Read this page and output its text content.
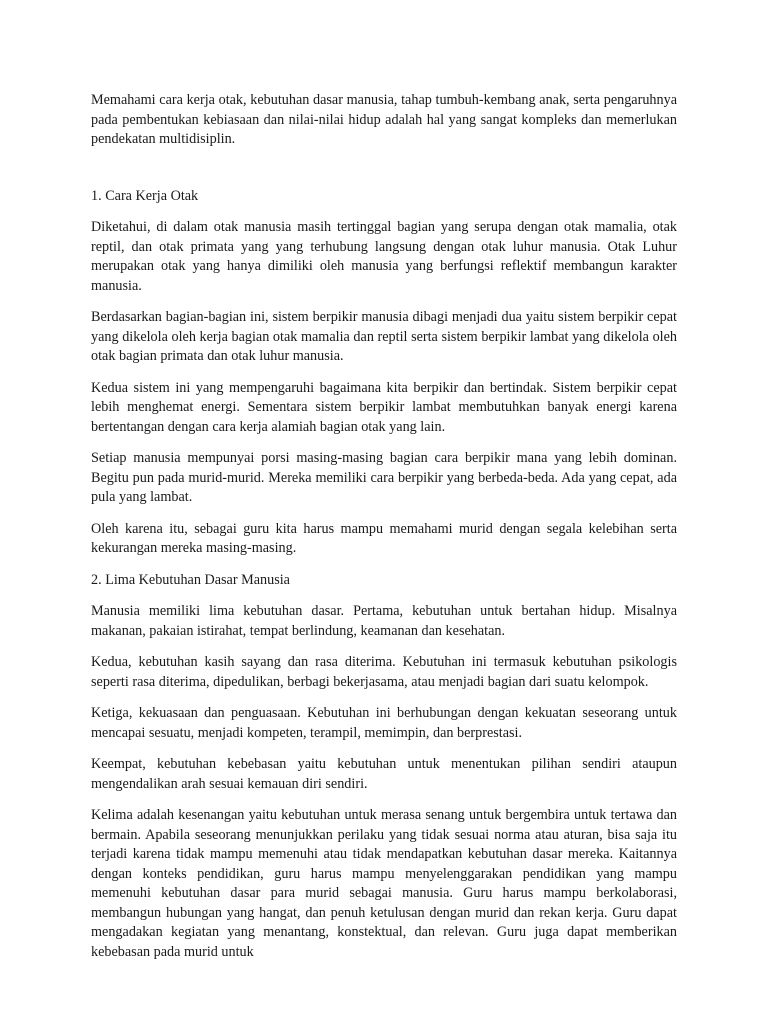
Memahami cara kerja otak, kebutuhan dasar manusia, tahap tumbuh-kembang anak, serta pengaruhnya pada pembentukan kebiasaan dan nilai-nilai hidup adalah hal yang sangat kompleks dan memerlukan pendekatan multidisiplin.

1. Cara Kerja Otak

Diketahui, di dalam otak manusia masih tertinggal bagian yang serupa dengan otak mamalia, otak reptil, dan otak primata yang yang terhubung langsung dengan otak luhur manusia. Otak Luhur merupakan otak yang hanya dimiliki oleh manusia yang berfungsi reflektif membangun karakter manusia.

Berdasarkan bagian-bagian ini, sistem berpikir manusia dibagi menjadi dua yaitu sistem berpikir cepat yang dikelola oleh kerja bagian otak mamalia dan reptil serta sistem berpikir lambat yang dikelola oleh otak bagian primata dan otak luhur manusia.

Kedua sistem ini yang mempengaruhi bagaimana kita berpikir dan bertindak. Sistem berpikir cepat lebih menghemat energi. Sementara sistem berpikir lambat membutuhkan banyak energi karena bertentangan dengan cara kerja alamiah bagian otak yang lain.

Setiap manusia mempunyai porsi masing-masing bagian cara berpikir mana yang lebih dominan. Begitu pun pada murid-murid. Mereka memiliki cara berpikir yang berbeda-beda. Ada yang cepat, ada pula yang lambat.

Oleh karena itu, sebagai guru kita harus mampu memahami murid dengan segala kelebihan serta kekurangan mereka masing-masing.

2. Lima Kebutuhan Dasar Manusia

Manusia memiliki lima kebutuhan dasar. Pertama, kebutuhan untuk bertahan hidup. Misalnya makanan, pakaian istirahat, tempat berlindung, keamanan dan kesehatan.

Kedua, kebutuhan kasih sayang dan rasa diterima. Kebutuhan ini termasuk kebutuhan psikologis seperti rasa diterima, dipedulikan, berbagi bekerjasama, atau menjadi bagian dari suatu kelompok.

Ketiga, kekuasaan dan penguasaan. Kebutuhan ini berhubungan dengan kekuatan seseorang untuk mencapai sesuatu, menjadi kompeten, terampil, memimpin, dan berprestasi.

Keempat, kebutuhan kebebasan yaitu kebutuhan untuk menentukan pilihan sendiri ataupun mengendalikan arah sesuai kemauan diri sendiri.

Kelima adalah kesenangan yaitu kebutuhan untuk merasa senang untuk bergembira untuk tertawa dan bermain. Apabila seseorang menunjukkan perilaku yang tidak sesuai norma atau aturan, bisa saja itu terjadi karena tidak mampu memenuhi atau tidak mendapatkan kebutuhan dasar mereka. Kaitannya dengan konteks pendidikan, guru harus mampu menyelenggarakan pendidikan yang mampu memenuhi kebutuhan dasar para murid sebagai manusia. Guru harus mampu berkolaborasi, membangun hubungan yang hangat, dan penuh ketulusan dengan murid dan rekan kerja. Guru dapat mengadakan kegiatan yang menantang, konstektual, dan relevan. Guru juga dapat memberikan kebebasan pada murid untuk
